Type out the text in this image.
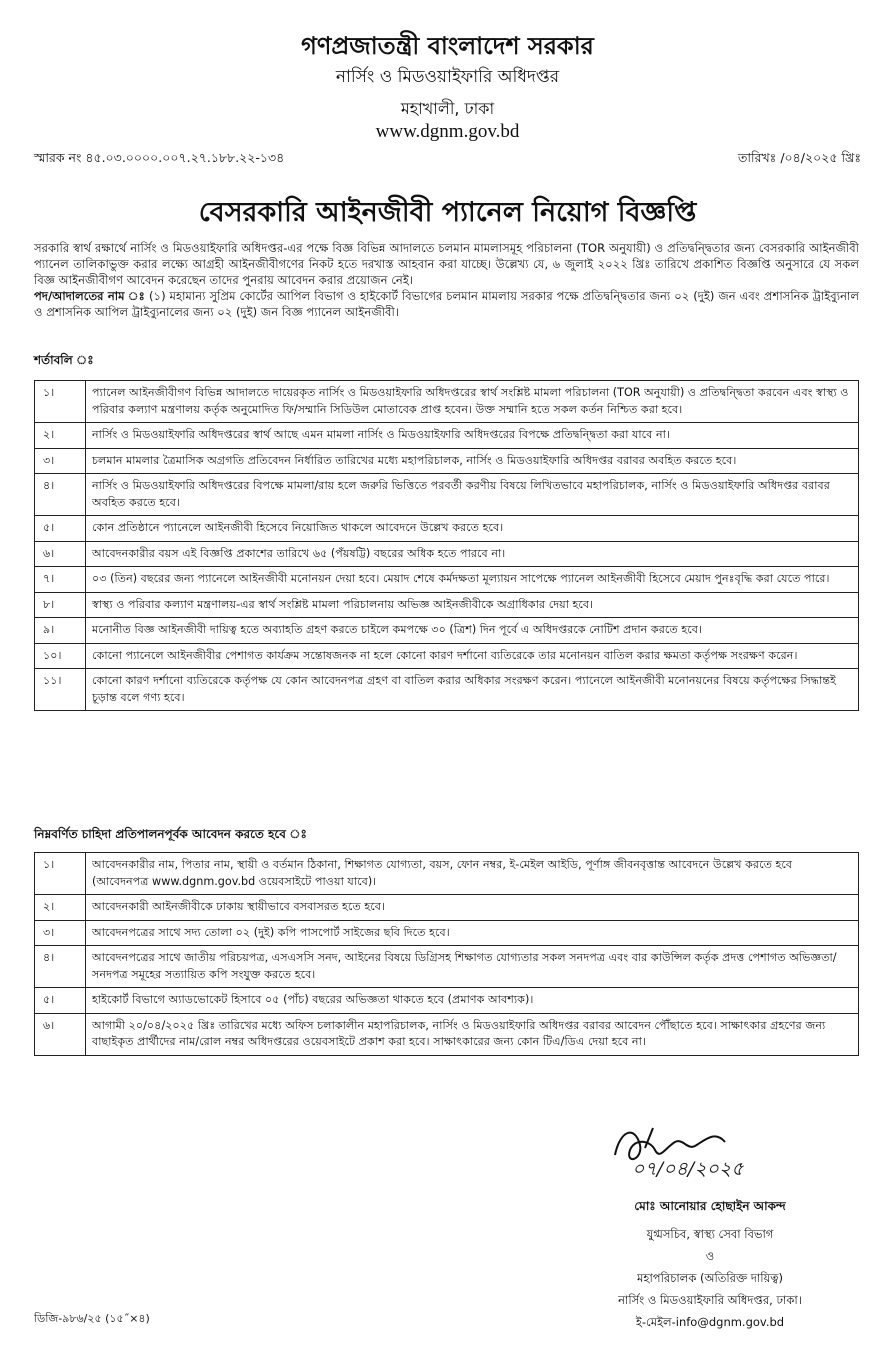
গণপ্রজাতন্ত্রী বাংলাদেশ সরকার
নার্সিং ও মিডওয়াইফারি অধিদপ্তর
মহাখালী, ঢাকা
www.dgnm.gov.bd
স্মারক নং ৪৫.০৩.০০০০.০০৭.২৭.১৮৮.২২-১৩৪	তারিখঃ /০৪/২০২৫ খ্রিঃ
বেসরকারি আইনজীবী প্যানেল নিয়োগ বিজ্ঞপ্তি
সরকারি স্বার্থ রক্ষার্থে নার্সিং ও মিডওয়াইফারি অধিদপ্তর-এর পক্ষে বিজ্ঞ বিভিন্ন আদালতে চলমান মামলাসমূহ পরিচালনা (TOR অনুযায়ী) ও প্রতিদ্বন্দ্বিতার জন্য বেসরকারি আইনজীবী প্যানেল তালিকাভুক্ত করার লক্ষ্যে আগ্রহী আইনজীবীগণের নিকট হতে দরখাস্ত আহবান করা যাচ্ছে। উল্লেখ্য যে, ৬ জুলাই ২০২২ খ্রিঃ তারিখে প্রকাশিত বিজ্ঞপ্তি অনুসারে যে সকল বিজ্ঞ আইনজীবীগণ আবেদন করেছেন তাদের পুনরায় আবেদন করার প্রয়োজন নেই।
পদ/আদালতের নাম ঃ (১) মহামান্য সুপ্রিম কোর্টের আপিল বিভাগ ও হাইকোর্ট বিভাগের চলমান মামলায় সরকার পক্ষে প্রতিদ্বন্দ্বিতার জন্য ০২ (দুই) জন এবং প্রশাসনিক ট্রাইব্যুনাল ও প্রশাসনিক আপিল ট্রাইব্যুনালের জন্য ০২ (দুই) জন বিজ্ঞ প্যানেল আইনজীবী।
শর্তাবলি ঃ
১।	প্যানেল আইনজীবীগণ বিভিন্ন আদালতে দায়েরকৃত নার্সিং ও মিডওয়াইফারি অধিদপ্তরের স্বার্থ সংশ্লিষ্ট মামলা পরিচালনা (TOR অনুযায়ী) ও প্রতিদ্বন্দ্বিতা করবেন এবং স্বাস্থ্য ও পরিবার কল্যাণ মন্ত্রণালয় কর্তৃক অনুমোদিত ফি/সম্মানি সিডিউল মোতাবেক প্রাপ্ত হবেন। উক্ত সম্মানি হতে সকল কর্তন নিশ্চিত করা হবে।
২।	নার্সিং ও মিডওয়াইফারি অধিদপ্তরের স্বার্থ আছে এমন মামলা নার্সিং ও মিডওয়াইফারি অধিদপ্তরের বিপক্ষে প্রতিদ্বন্দ্বিতা করা যাবে না।
৩।	চলমান মামলার ত্রৈমাসিক অগ্রগতি প্রতিবেদন নির্ধারিত তারিখের মধ্যে মহাপরিচালক, নার্সিং ও মিডওয়াইফারি অধিদপ্তর বরাবর অবহিত করতে হবে।
৪।	নার্সিং ও মিডওয়াইফারি অধিদপ্তরের বিপক্ষে মামলা/রায় হলে জরুরি ভিত্তিতে পরবর্তী করণীয় বিষয়ে লিখিতভাবে মহাপরিচালক, নার্সিং ও মিডওয়াইফারি অধিদপ্তর বরাবর অবহিত করতে হবে।
৫।	কোন প্রতিষ্ঠানে প্যানেলে আইনজীবী হিসেবে নিয়োজিত থাকলে আবেদনে উল্লেখ করতে হবে।
৬।	আবেদনকারীর বয়স এই বিজ্ঞপ্তি প্রকাশের তারিখে ৬৫ (পঁয়ষট্টি) বছরের অধিক হতে পারবে না।
৭।	০৩ (তিন) বছরের জন্য প্যানেলে আইনজীবী মনোনয়ন দেয়া হবে। মেয়াদ শেষে কর্মদক্ষতা মূল্যায়ন সাপেক্ষে প্যানেল আইনজীবী হিসেবে মেয়াদ পুনঃবৃদ্ধি করা যেতে পারে।
৮।	স্বাস্থ্য ও পরিবার কল্যাণ মন্ত্রণালয়-এর স্বার্থ সংশ্লিষ্ট মামলা পরিচালনায় অভিজ্ঞ আইনজীবীকে অগ্রাধিকার দেয়া হবে।
৯।	মনোনীত বিজ্ঞ আইনজীবী দায়িত্ব হতে অব্যাহতি গ্রহণ করতে চাইলে কমপক্ষে ৩০ (ত্রিশ) দিন পূর্বে এ অধিদপ্তরকে নোটিশ প্রদান করতে হবে।
১০।	কোনো প্যানেলে আইনজীবীর পেশাগত কার্যক্রম সন্তোষজনক না হলে কোনো কারণ দর্শানো ব্যতিরেকে তার মনোনয়ন বাতিল করার ক্ষমতা কর্তৃপক্ষ সংরক্ষণ করেন।
১১।	কোনো কারণ দর্শানো ব্যতিরেকে কর্তৃপক্ষ যে কোন আবেদনপত্র গ্রহণ বা বাতিল করার অধিকার সংরক্ষণ করেন। প্যানেলে আইনজীবী মনোনয়নের বিষয়ে কর্তৃপক্ষের সিদ্ধান্তই চূড়ান্ত বলে গণ্য হবে।
নিম্নবর্ণিত চাহিদা প্রতিপালনপূর্বক আবেদন করতে হবে ঃ
১।	আবেদনকারীর নাম, পিতার নাম, স্থায়ী ও বর্তমান ঠিকানা, শিক্ষাগত যোগ্যতা, বয়স, ফোন নম্বর, ই-মেইল আইডি, পূর্ণাঙ্গ জীবনবৃত্তান্ত আবেদনে উল্লেখ করতে হবে (আবেদনপত্র www.dgnm.gov.bd ওয়েবসাইটে পাওয়া যাবে)।
২।	আবেদনকারী আইনজীবীকে ঢাকায় স্থায়ীভাবে বসবাসরত হতে হবে।
৩।	আবেদনপত্রের সাথে সদ্য তোলা ০২ (দুই) কপি পাসপোর্ট সাইজের ছবি দিতে হবে।
৪।	আবেদনপত্রের সাথে জাতীয় পরিচয়পত্র, এসএসসি সনদ, আইনের বিষয়ে ডিগ্রিসহ শিক্ষাগত যোগ্যতার সকল সনদপত্র এবং বার কাউন্সিল কর্তৃক প্রদত্ত পেশাগত অভিজ্ঞতা/সনদপত্র সমূহের সত্যায়িত কপি সংযুক্ত করতে হবে।
৫।	হাইকোর্ট বিভাগে অ্যাডভোকেট হিসাবে ০৫ (পাঁচ) বছরের অভিজ্ঞতা থাকতে হবে (প্রমাণক আবশ্যক)।
৬।	আগামী ২০/০৪/২০২৫ খ্রিঃ তারিখের মধ্যে অফিস চলাকালীন মহাপরিচালক, নার্সিং ও মিডওয়াইফারি অধিদপ্তর বরাবর আবেদন পৌঁছাতে হবে। সাক্ষাৎকার গ্রহণের জন্য বাছাইকৃত প্রার্থীদের নাম/রোল নম্বর অধিদপ্তরের ওয়েবসাইটে প্রকাশ করা হবে। সাক্ষাৎকারের জন্য কোন টিএ/ডিএ দেয়া হবে না।
০৭/০৪/২০২৫
মোঃ আনোয়ার হোছাইন আকন্দ
যুগ্মসচিব, স্বাস্থ্য সেবা বিভাগ
ও
মহাপরিচালক (অতিরিক্ত দায়িত্ব)
নার্সিং ও মিডওয়াইফারি অধিদপ্তর, ঢাকা।
ই-মেইল-info@dgnm.gov.bd
ডিজি-৯৮৬/২৫ (১৫˝×৪)
